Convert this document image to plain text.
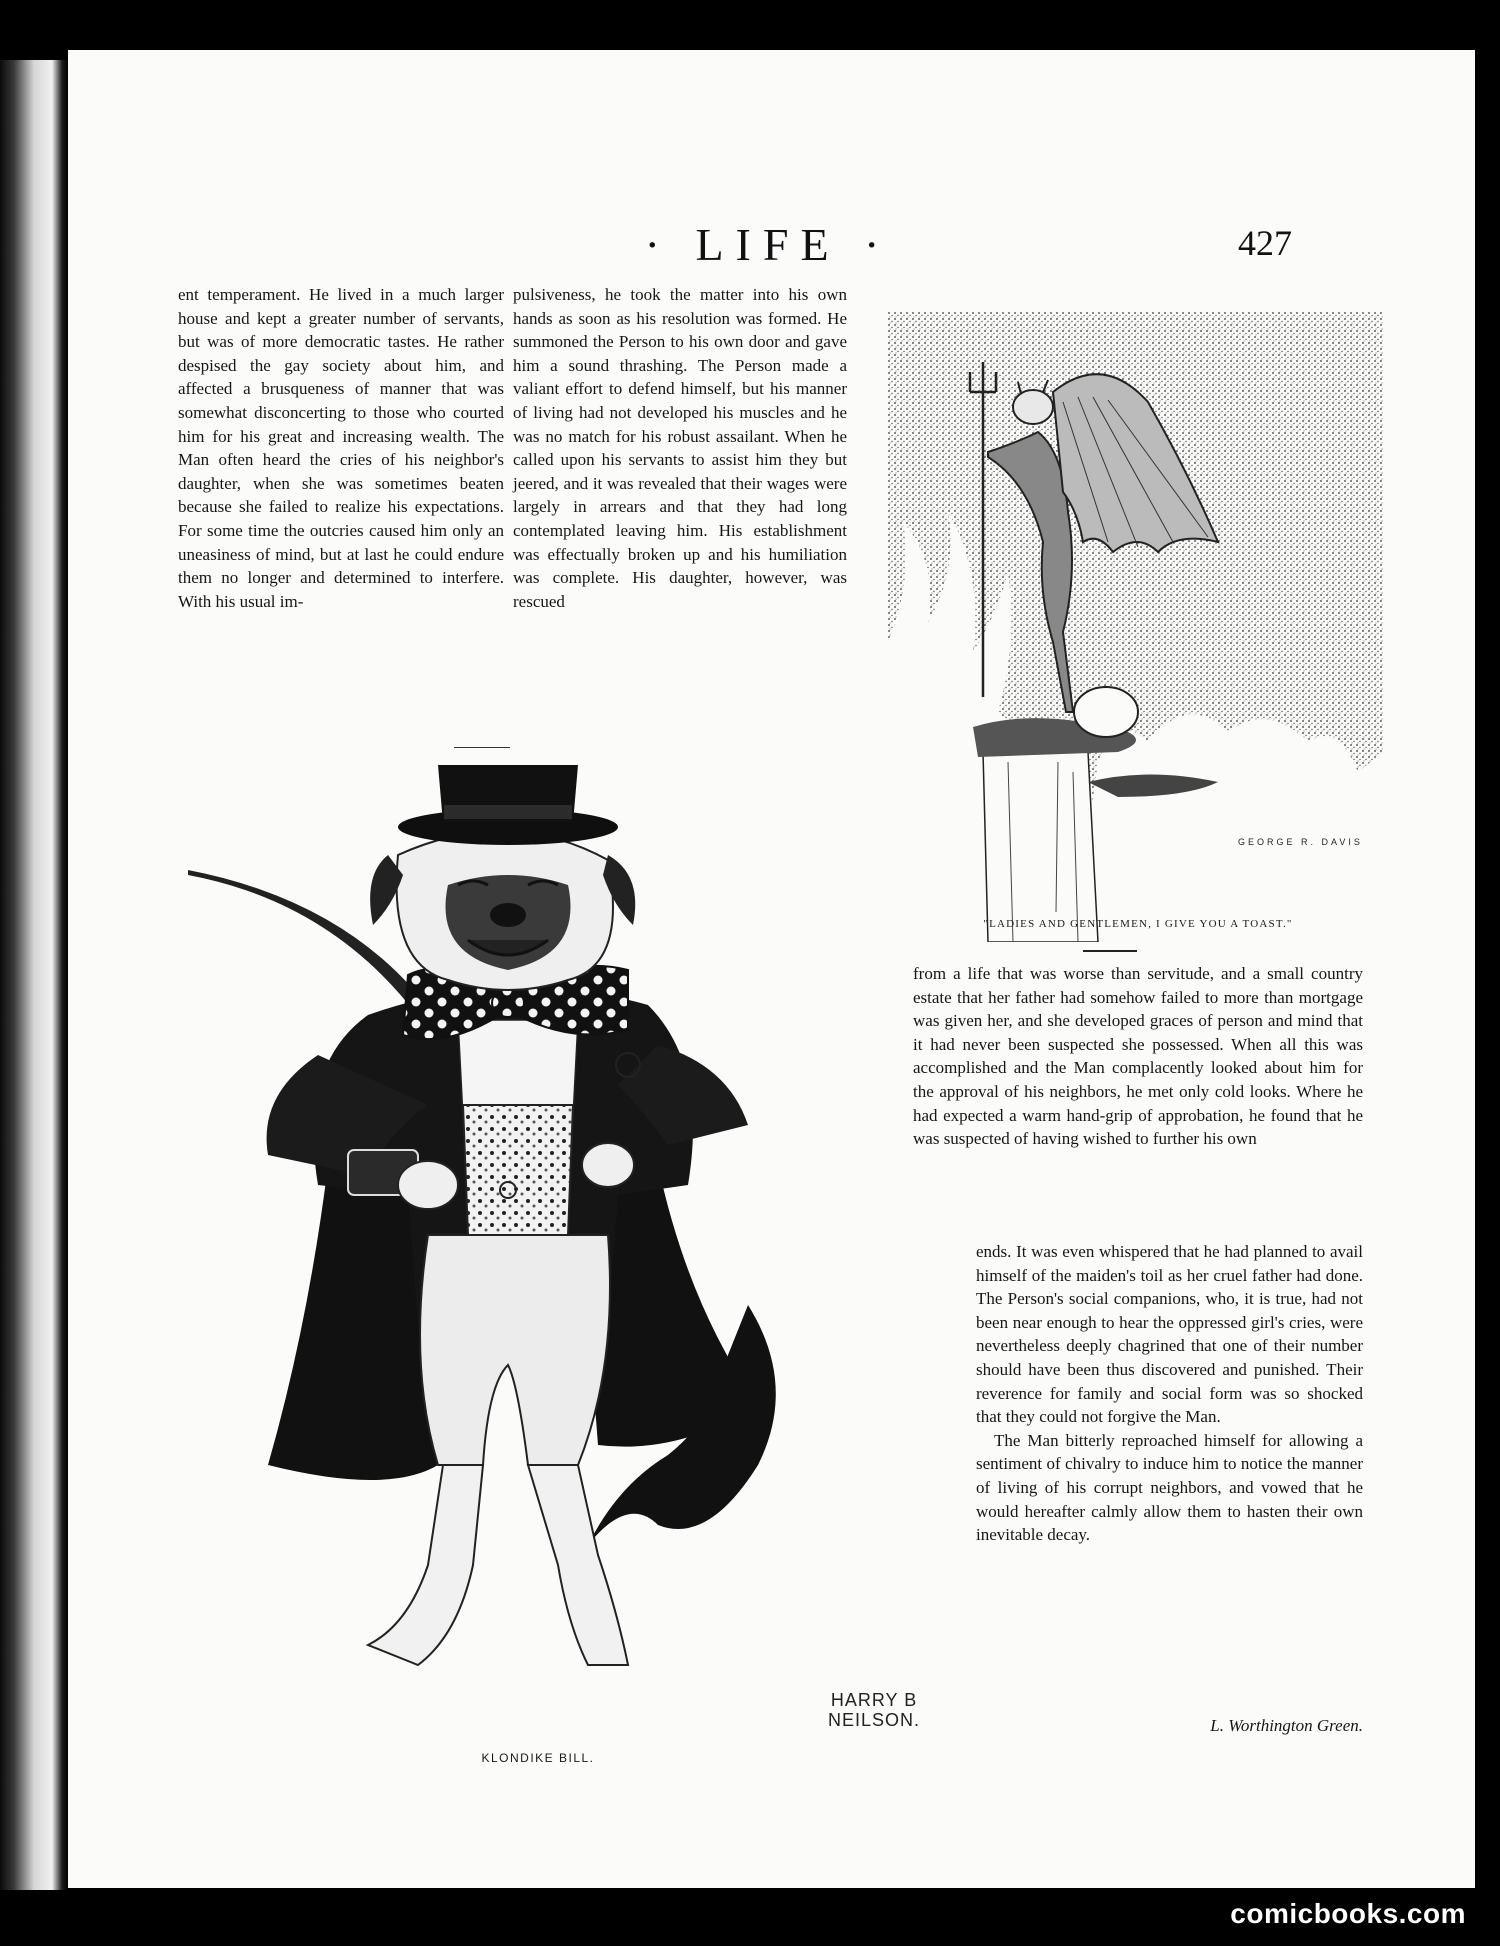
· LIFE ·	427

ent temperament. He lived in a much larger house and kept a greater number of servants, but was of more democratic tastes. He rather despised the gay society about him, and affected a brusqueness of manner that was somewhat disconcerting to those who courted him for his great and increasing wealth. The Man often heard the cries of his neighbor's daughter, when she was sometimes beaten because she failed to realize his expectations. For some time the outcries caused him only an uneasiness of mind, but at last he could endure them no longer and determined to interfere. With his usual im-

pulsiveness, he took the matter into his own hands as soon as his resolution was formed. He summoned the Person to his own door and gave him a sound thrashing. The Person made a valiant effort to defend himself, but his manner of living had not developed his muscles and he was no match for his robust assailant. When he called upon his servants to assist him they but jeered, and it was revealed that their wages were largely in arrears and that they had long contemplated leaving him. His establishment was effectually broken up and his humiliation was complete. His daughter, however, was rescued

GEORGE R. DAVIS
"LADIES AND GENTLEMEN, I GIVE YOU A TOAST."

from a life that was worse than servitude, and a small country estate that her father had somehow failed to more than mortgage was given her, and she developed graces of person and mind that it had never been suspected she possessed. When all this was accomplished and the Man complacently looked about him for the approval of his neighbors, he met only cold looks. Where he had expected a warm hand-grip of approbation, he found that he was suspected of having wished to further his own

ends. It was even whispered that he had planned to avail himself of the maiden's toil as her cruel father had done. The Person's social companions, who, it is true, had not been near enough to hear the oppressed girl's cries, were nevertheless deeply chagrined that one of their number should have been thus discovered and punished. Their reverence for family and social form was so shocked that they could not forgive the Man.

The Man bitterly reproached himself for allowing a sentiment of chivalry to induce him to notice the manner of living of his corrupt neighbors, and vowed that he would hereafter calmly allow them to hasten their own inevitable decay.

L. Worthington Green.
HARRY B
NEILSON.
KLONDIKE BILL.
comicbooks.com
